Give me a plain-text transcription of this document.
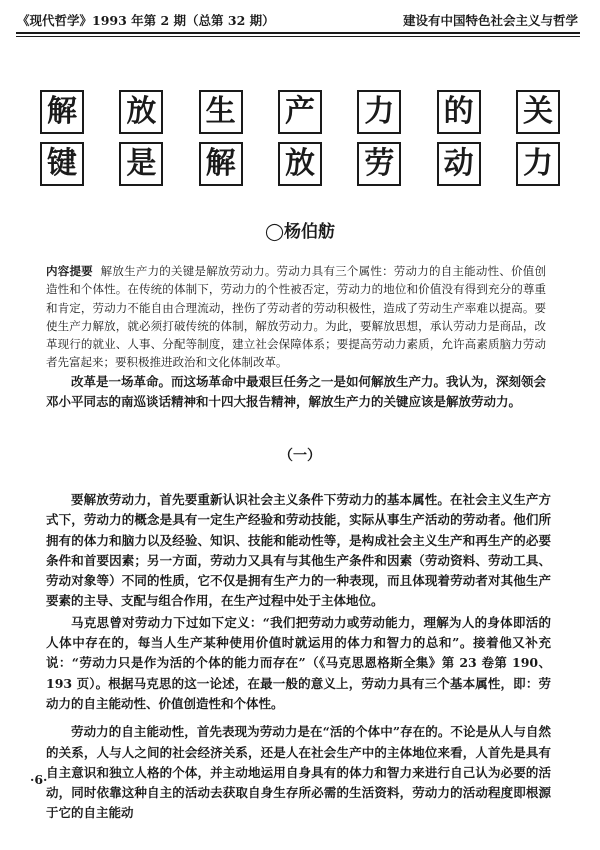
《现代哲学》1993 年第 2 期（总第 32 期）	建设有中国特色社会主义与哲学
解 放 生 产 力 的 关
键 是 解 放 劳 动 力
◯杨伯舫
内容提要 解放生产力的关键是解放劳动力。劳动力具有三个属性：劳动力的自主能动性、价值创造性和个体性。在传统的体制下，劳动力的个性被否定，劳动力的地位和价值没有得到充分的尊重和肯定，劳动力不能自由合理流动，挫伤了劳动者的劳动积极性，造成了劳动生产率难以提高。要使生产力解放，就必须打破传统的体制，解放劳动力。为此，要解放思想，承认劳动力是商品，改革现行的就业、人事、分配等制度，建立社会保障体系；要提高劳动力素质，允许高素质脑力劳动者先富起来；要积极推进政治和文化体制改革。
改革是一场革命。而这场革命中最艰巨任务之一是如何解放生产力。我认为，深刻领会邓小平同志的南巡谈话精神和十四大报告精神，解放生产力的关键应该是解放劳动力。
（一）

要解放劳动力，首先要重新认识社会主义条件下劳动力的基本属性。在社会主义生产方式下，劳动力的概念是具有一定生产经验和劳动技能，实际从事生产活动的劳动者。他们所拥有的体力和脑力以及经验、知识、技能和能动性等，是构成社会主义生产和再生产的必要条件和首要因素；另一方面，劳动力又具有与其他生产条件和因素（劳动资料、劳动工具、劳动对象等）不同的性质，它不仅是拥有生产力的一种表现，而且体现着劳动者对其他生产要素的主导、支配与组合作用，在生产过程中处于主体地位。

马克思曾对劳动力下过如下定义：“我们把劳动力或劳动能力，理解为人的身体即活的人体中存在的，每当人生产某种使用价值时就运用的体力和智力的总和”。接着他又补充说：“劳动力只是作为活的个体的能力而存在”（《马克思恩格斯全集》第 23 卷第 190、193 页）。根据马克思的这一论述，在最一般的意义上，劳动力具有三个基本属性，即：劳动力的自主能动性、价值创造性和个体性。

劳动力的自主能动性，首先表现为劳动力是在“活的个体中”存在的。不论是从人与自然的关系，人与人之间的社会经济关系，还是人在社会生产中的主体地位来看，人首先是具有自主意识和独立人格的个体，并主动地运用自身具有的体力和智力来进行自己认为必要的活动，同时依靠这种自主的活动去获取自身生存所必需的生活资料，劳动力的活动程度即根源于它的自主能动

·6·
